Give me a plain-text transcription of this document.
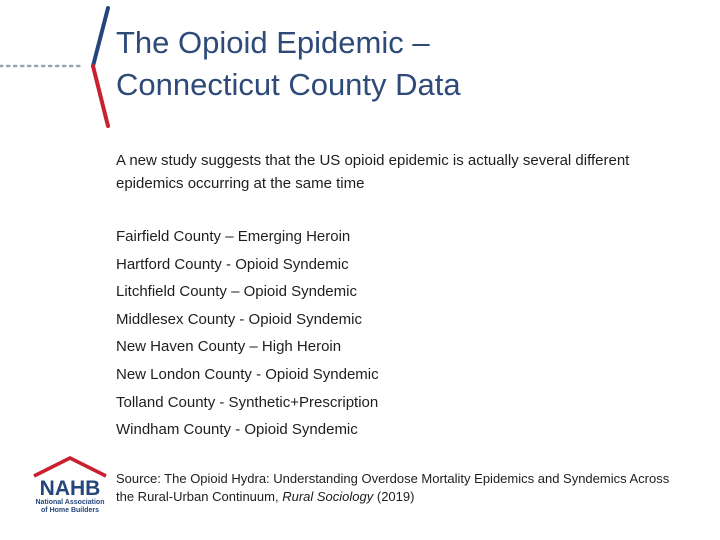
The Opioid Epidemic –
Connecticut County Data

A new study suggests that the US opioid epidemic is actually several different epidemics occurring at the same time

Fairfield County – Emerging Heroin
Hartford County - Opioid Syndemic
Litchfield County – Opioid Syndemic
Middlesex County - Opioid Syndemic
New Haven County – High Heroin
New London County - Opioid Syndemic
Tolland County - Synthetic+Prescription
Windham County - Opioid Syndemic

Source: The Opioid Hydra: Understanding Overdose Mortality Epidemics and Syndemics Across the Rural-Urban Continuum, Rural Sociology (2019)

NAHB
National Association
of Home Builders
